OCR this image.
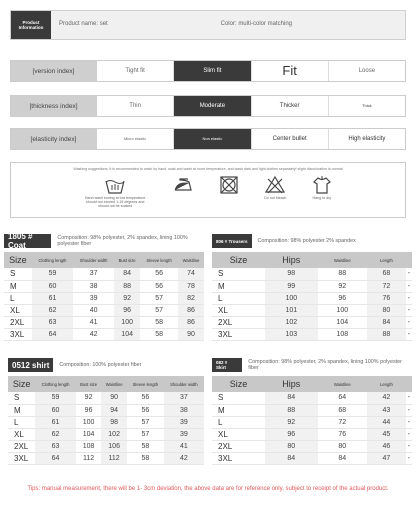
Product Information
Product name: set	Color: multi-color matching
[version index]	Tight fit	Slim fit	Fit	Loose
[thickness index]	Thin	Moderate	Thicker	Thick
[elasticity index]	Micro elastic	Non elastic	Center bullet	High elasticity
Washing suggestions: It is recommended to wash by hand, soak and wash at room temperature, and wash dark and light clothes separately! slight discoloration is normal
Hand wash ironing at low temperature should not exceed 1-15 degrees and should not be soaked
Do not bleach	Hang to dry
1805 # Coat
Composition: 98% polyester, 2% spandex, lining 100% polyester fiber
Size	Clothing length	Shoulder width	Bust size	Sleeve length	Waistline
S	59	37	84	56	74
M	60	38	88	56	78
L	61	39	92	57	82
XL	62	40	96	57	86
2XL	63	41	100	58	86
3XL	64	42	104	58	90
806 # Trousers	Composition: 98% polyester 2% spandex
Size	Hips	Waistline	Length	
S	98	88	68	-
M	99	92	72	-
L	100	96	76	-
XL	101	100	80	-
2XL	102	104	84	-
3XL	103	108	88	-
0512 shirt	Composition: 100% polyester fiber
Size	Clothing length	Bust size	Waistline	Sleeve length	Shoulder width
S	59	92	90	56	37
M	60	96	94	56	38
L	61	100	98	57	39
XL	62	104	102	57	39
2XL	63	108	106	58	41
3XL	64	112	112	58	42
082 # Skirt
Composition: 98% polyester, 2% spandex, lining 100% polyester fiber
Size	Hips	Waistline	Length	
S	84	64	42	-
M	88	68	43	-
L	92	72	44	-
XL	96	76	45	-
2XL	80	80	46	-
3XL	84	84	47	-
Tips: manual measurement, there will be 1- 3cm deviation, the above data are for reference only, subject to receipt of the actual product.
